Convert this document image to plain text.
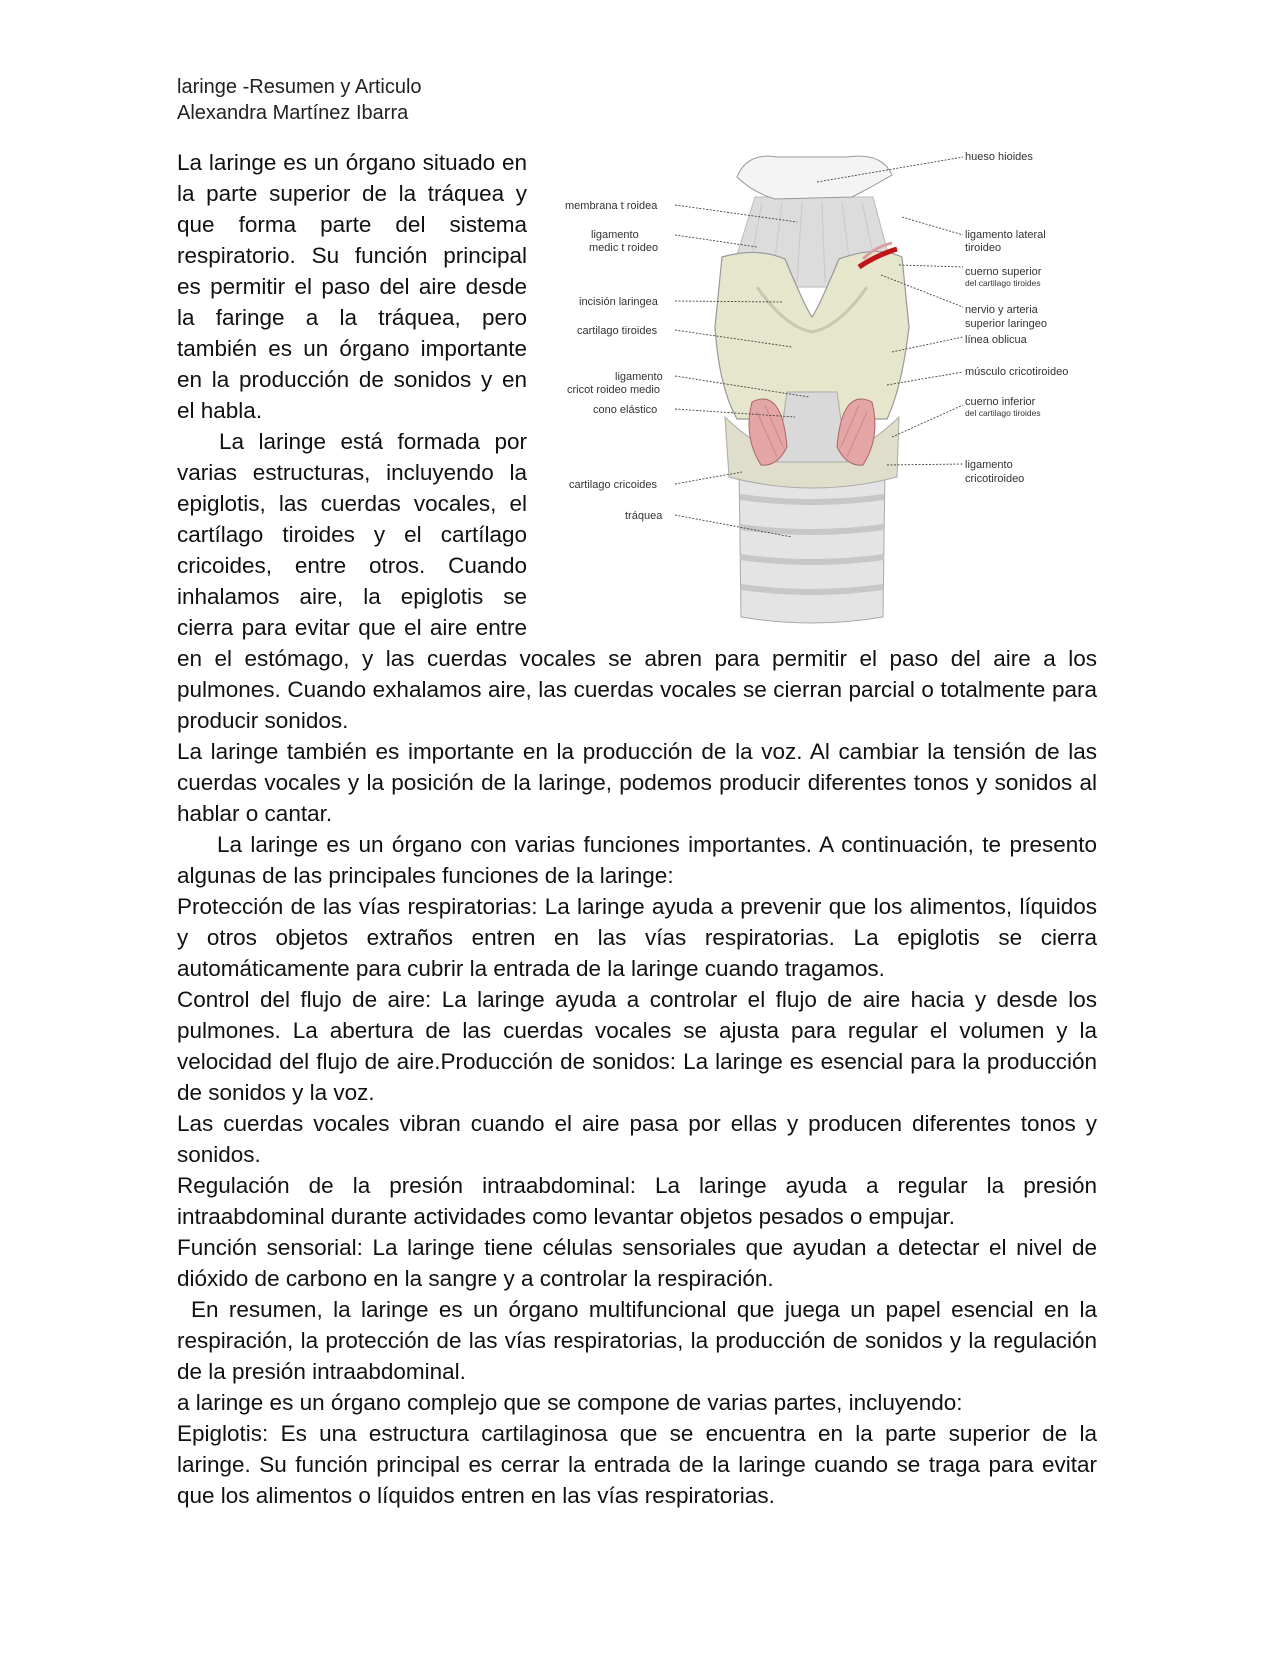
laringe -Resumen y Articulo
Alexandra Martínez Ibarra
hueso hioides
membrana t roidea
ligamento
medic t roideo
ligamento lateral
tiroideo
cuerno superior
del cartilago tiroides
incisión laringea
cartilago tiroides
nervio y arteria
superior laringeo
línea oblicua
ligamento
cricot roideo medio
músculo cricotiroideo
cono elástico
cuerno inferior
del cartilago tiroides
ligamento
cricotiroideo
cartilago cricoides
tráquea

La laringe es un órgano situado en la parte superior de la tráquea y que forma parte del sistema respiratorio. Su función principal es permitir el paso del aire desde la faringe a la tráquea, pero también es un órgano importante en la producción de sonidos y en el habla.

La laringe está formada por varias estructuras, incluyendo la epiglotis, las cuerdas vocales, el cartílago tiroides y el cartílago cricoides, entre otros. Cuando inhalamos aire, la epiglotis se cierra para evitar que el aire entre en el estómago, y las cuerdas vocales se abren para permitir el paso del aire a los pulmones. Cuando exhalamos aire, las cuerdas vocales se cierran parcial o totalmente para producir sonidos.

La laringe también es importante en la producción de la voz. Al cambiar la tensión de las cuerdas vocales y la posición de la laringe, podemos producir diferentes tonos y sonidos al hablar o cantar.

La laringe es un órgano con varias funciones importantes. A continuación, te presento algunas de las principales funciones de la laringe:

Protección de las vías respiratorias: La laringe ayuda a prevenir que los alimentos, líquidos y otros objetos extraños entren en las vías respiratorias. La epiglotis se cierra automáticamente para cubrir la entrada de la laringe cuando tragamos.

Control del flujo de aire: La laringe ayuda a controlar el flujo de aire hacia y desde los pulmones. La abertura de las cuerdas vocales se ajusta para regular el volumen y la velocidad del flujo de aire.Producción de sonidos: La laringe es esencial para la producción de sonidos y la voz.

Las cuerdas vocales vibran cuando el aire pasa por ellas y producen diferentes tonos y sonidos.

Regulación de la presión intraabdominal: La laringe ayuda a regular la presión intraabdominal durante actividades como levantar objetos pesados o empujar.

Función sensorial: La laringe tiene células sensoriales que ayudan a detectar el nivel de dióxido de carbono en la sangre y a controlar la respiración.

En resumen, la laringe es un órgano multifuncional que juega un papel esencial en la respiración, la protección de las vías respiratorias, la producción de sonidos y la regulación de la presión intraabdominal.

a laringe es un órgano complejo que se compone de varias partes, incluyendo:

Epiglotis: Es una estructura cartilaginosa que se encuentra en la parte superior de la laringe. Su función principal es cerrar la entrada de la laringe cuando se traga para evitar que los alimentos o líquidos entren en las vías respiratorias.
